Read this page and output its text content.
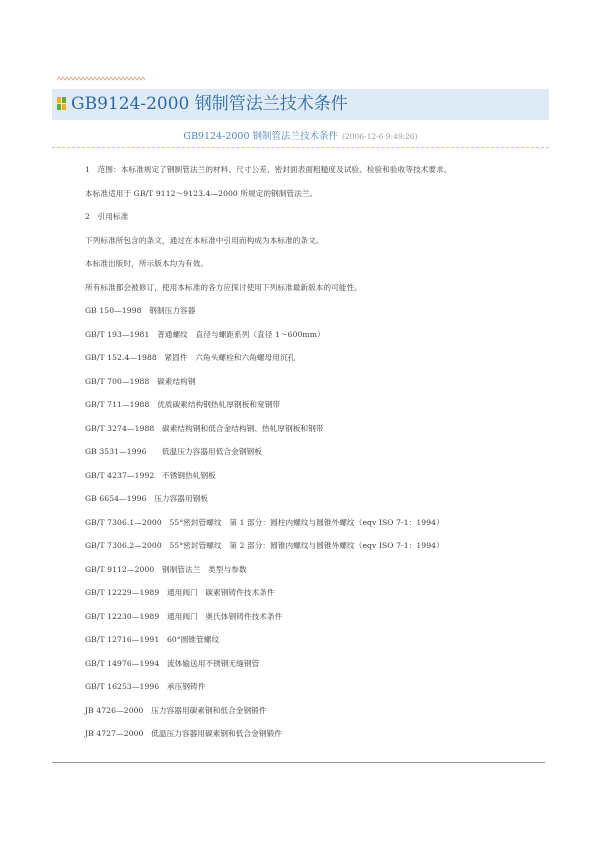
GB9124-2000 钢制管法兰技术条件
GB9124-2000 钢制管法兰技术条件 (2006-12-6 9:49:26)
1　范围：本标准规定了钢制管法兰的材料、尺寸公差、密封面表面粗糙度及试验、检验和验收等技术要求。
本标准适用于 GB/T 9112～9123.4—2000 所规定的钢制管法兰。
2　引用标准
下列标准所包含的条文，通过在本标准中引用而构成为本标准的条文。
本标准出版时，所示版本均为有效。
所有标准都会被修订，使用本标准的各方应探讨使用下列标准最新版本的可能性。
GB 150—1998　钢制压力容器
GB/T 193—1981　普通螺纹　直径与螺距系列（直径 1～600mm）
GB/T 152.4—1988　紧固件　六角头螺栓和六角螺母用沉孔
GB/T 700—1988　碳素结构钢
GB/T 711—1988　优质碳素结构钢热轧厚钢板和宽钢带
GB/T 3274—1988　碳素结构钢和低合金结构钢、热轧厚钢板和钢带
GB 3531—1996　　低温压力容器用低合金钢钢板
GB/T 4237—1992　不锈钢热轧钢板
GB 6654—1996　压力容器用钢板
GB/T 7306.1—2000　55°密封管螺纹　第 1 部分：圆柱内螺纹与圆锥外螺纹（eqv ISO 7-1：1994）
GB/T 7306.2—2000　55°密封管螺纹　第 2 部分：圆锥内螺纹与圆锥外螺纹（eqv ISO 7-1：1994）
GB/T 9112—2000　钢制管法兰　类型与参数
GB/T 12229—1989　通用阀门　碳素钢铸件技术条件
GB/T 12230—1989　通用阀门　奥氏体钢铸件技术条件
GB/T 12716—1991　60°圆锥管螺纹
GB/T 14976—1994　流体输送用不锈钢无缝钢管
GB/T 16253—1996　承压钢铸件
JB 4726—2000　压力容器用碳素钢和低合金钢锻件
JB 4727—2000　低温压力容器用碳素钢和低合金钢锻件
